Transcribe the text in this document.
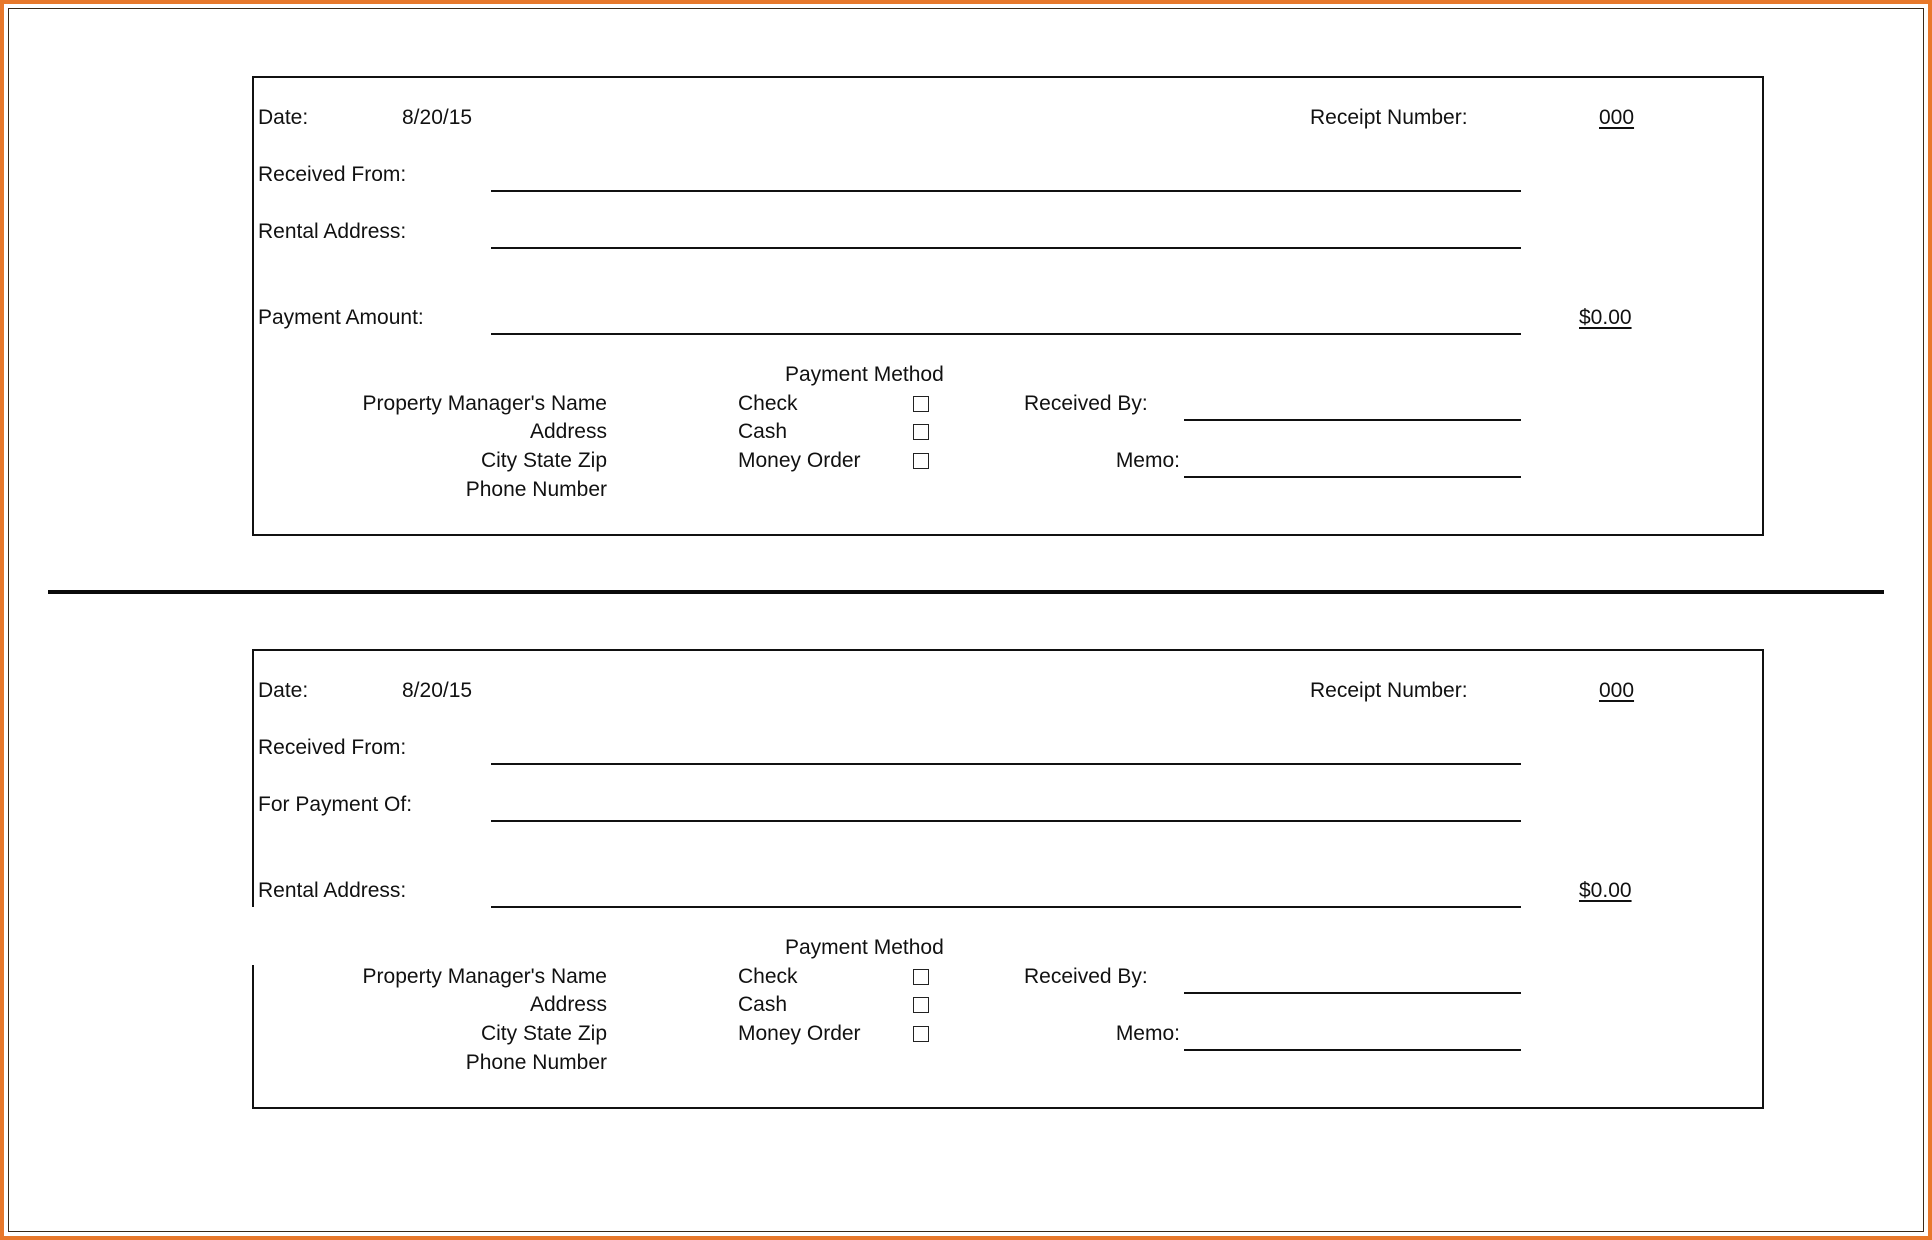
Date:	8/20/15	Receipt Number:	000
Received From:
Rental Address:
Payment Amount:	$0.00
Payment Method
Property Manager's Name
Address
City State Zip
Phone Number
Check
Cash
Money Order
Received By:
Memo:
Date:	8/20/15	Receipt Number:	000
Received From:
For Payment Of:
Rental Address:	$0.00
Payment Method
Property Manager's Name
Address
City State Zip
Phone Number
Check
Cash
Money Order
Received By:
Memo:
